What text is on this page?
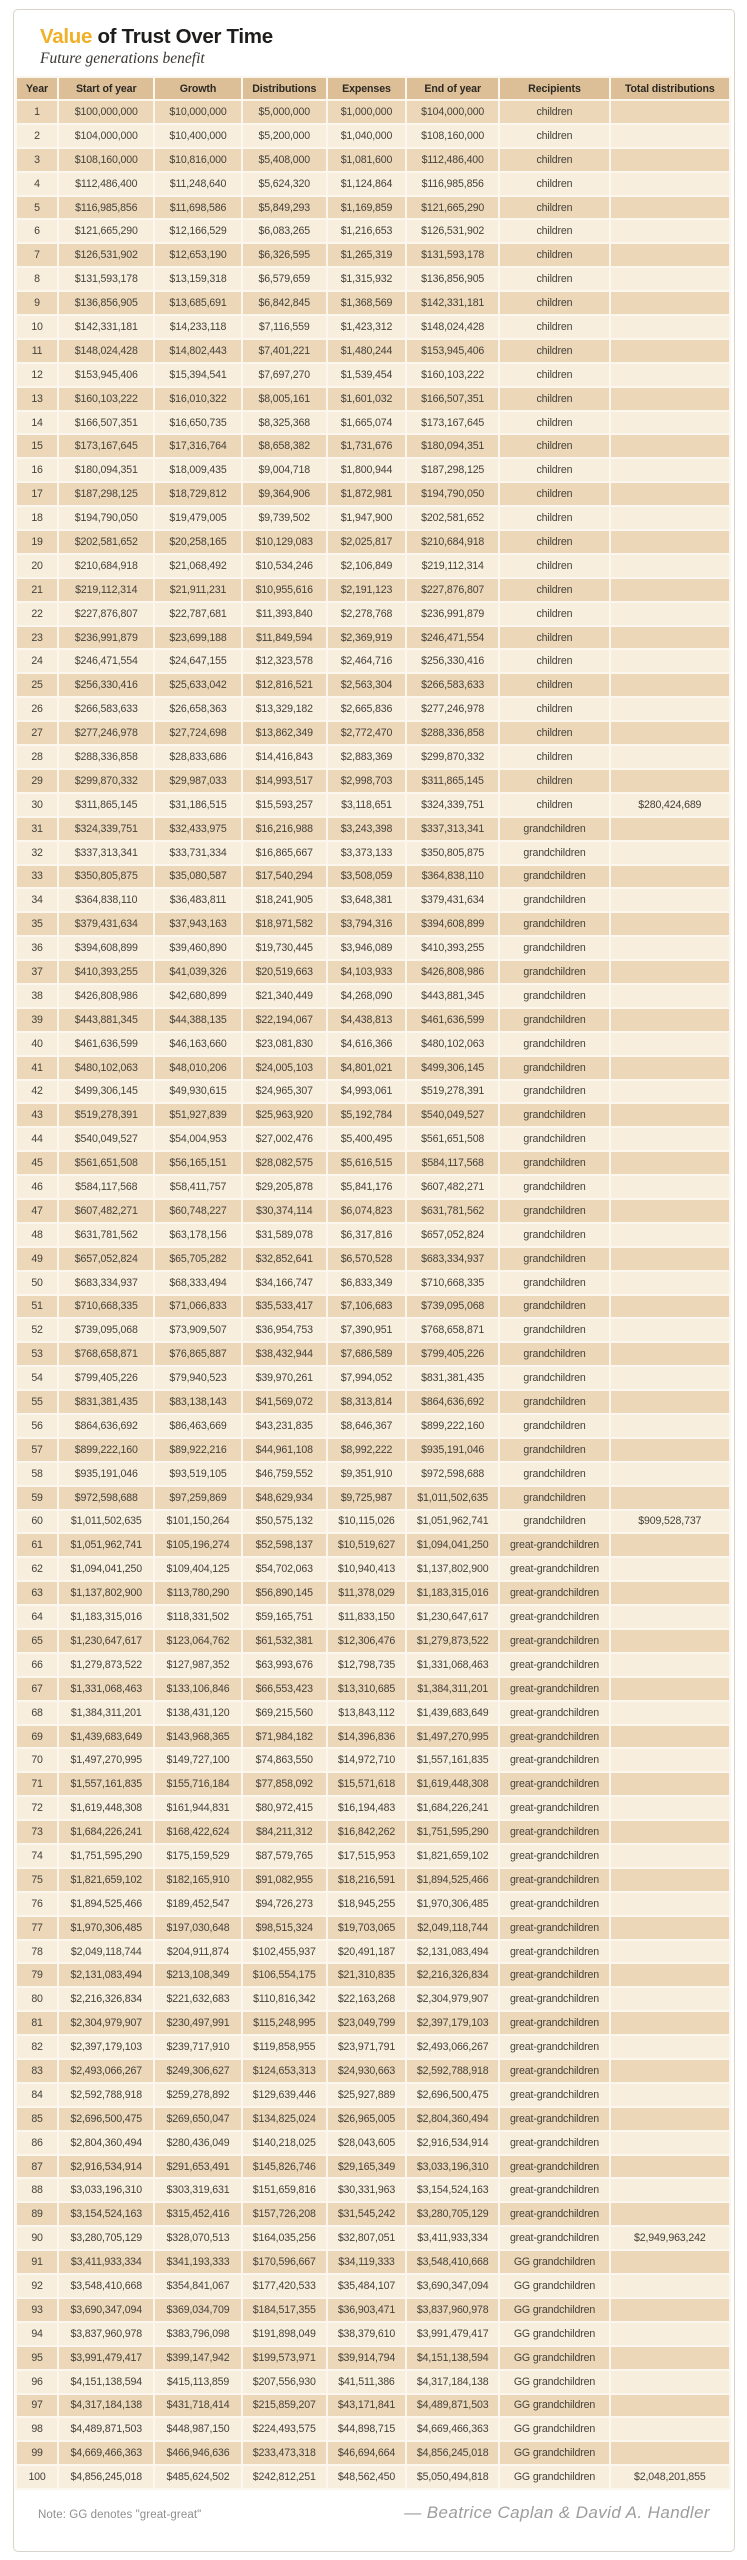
Value of Trust Over Time
Future generations benefit
Year	Start of year	Growth	Distributions	Expenses	End of year	Recipients	Total distributions
1	$100,000,000	$10,000,000	$5,000,000	$1,000,000	$104,000,000	children	
2	$104,000,000	$10,400,000	$5,200,000	$1,040,000	$108,160,000	children	
3	$108,160,000	$10,816,000	$5,408,000	$1,081,600	$112,486,400	children	
4	$112,486,400	$11,248,640	$5,624,320	$1,124,864	$116,985,856	children	
5	$116,985,856	$11,698,586	$5,849,293	$1,169,859	$121,665,290	children	
6	$121,665,290	$12,166,529	$6,083,265	$1,216,653	$126,531,902	children	
7	$126,531,902	$12,653,190	$6,326,595	$1,265,319	$131,593,178	children	
8	$131,593,178	$13,159,318	$6,579,659	$1,315,932	$136,856,905	children	
9	$136,856,905	$13,685,691	$6,842,845	$1,368,569	$142,331,181	children	
10	$142,331,181	$14,233,118	$7,116,559	$1,423,312	$148,024,428	children	
11	$148,024,428	$14,802,443	$7,401,221	$1,480,244	$153,945,406	children	
12	$153,945,406	$15,394,541	$7,697,270	$1,539,454	$160,103,222	children	
13	$160,103,222	$16,010,322	$8,005,161	$1,601,032	$166,507,351	children	
14	$166,507,351	$16,650,735	$8,325,368	$1,665,074	$173,167,645	children	
15	$173,167,645	$17,316,764	$8,658,382	$1,731,676	$180,094,351	children	
16	$180,094,351	$18,009,435	$9,004,718	$1,800,944	$187,298,125	children	
17	$187,298,125	$18,729,812	$9,364,906	$1,872,981	$194,790,050	children	
18	$194,790,050	$19,479,005	$9,739,502	$1,947,900	$202,581,652	children	
19	$202,581,652	$20,258,165	$10,129,083	$2,025,817	$210,684,918	children	
20	$210,684,918	$21,068,492	$10,534,246	$2,106,849	$219,112,314	children	
21	$219,112,314	$21,911,231	$10,955,616	$2,191,123	$227,876,807	children	
22	$227,876,807	$22,787,681	$11,393,840	$2,278,768	$236,991,879	children	
23	$236,991,879	$23,699,188	$11,849,594	$2,369,919	$246,471,554	children	
24	$246,471,554	$24,647,155	$12,323,578	$2,464,716	$256,330,416	children	
25	$256,330,416	$25,633,042	$12,816,521	$2,563,304	$266,583,633	children	
26	$266,583,633	$26,658,363	$13,329,182	$2,665,836	$277,246,978	children	
27	$277,246,978	$27,724,698	$13,862,349	$2,772,470	$288,336,858	children	
28	$288,336,858	$28,833,686	$14,416,843	$2,883,369	$299,870,332	children	
29	$299,870,332	$29,987,033	$14,993,517	$2,998,703	$311,865,145	children	
30	$311,865,145	$31,186,515	$15,593,257	$3,118,651	$324,339,751	children	$280,424,689
31	$324,339,751	$32,433,975	$16,216,988	$3,243,398	$337,313,341	grandchildren	
32	$337,313,341	$33,731,334	$16,865,667	$3,373,133	$350,805,875	grandchildren	
33	$350,805,875	$35,080,587	$17,540,294	$3,508,059	$364,838,110	grandchildren	
34	$364,838,110	$36,483,811	$18,241,905	$3,648,381	$379,431,634	grandchildren	
35	$379,431,634	$37,943,163	$18,971,582	$3,794,316	$394,608,899	grandchildren	
36	$394,608,899	$39,460,890	$19,730,445	$3,946,089	$410,393,255	grandchildren	
37	$410,393,255	$41,039,326	$20,519,663	$4,103,933	$426,808,986	grandchildren	
38	$426,808,986	$42,680,899	$21,340,449	$4,268,090	$443,881,345	grandchildren	
39	$443,881,345	$44,388,135	$22,194,067	$4,438,813	$461,636,599	grandchildren	
40	$461,636,599	$46,163,660	$23,081,830	$4,616,366	$480,102,063	grandchildren	
41	$480,102,063	$48,010,206	$24,005,103	$4,801,021	$499,306,145	grandchildren	
42	$499,306,145	$49,930,615	$24,965,307	$4,993,061	$519,278,391	grandchildren	
43	$519,278,391	$51,927,839	$25,963,920	$5,192,784	$540,049,527	grandchildren	
44	$540,049,527	$54,004,953	$27,002,476	$5,400,495	$561,651,508	grandchildren	
45	$561,651,508	$56,165,151	$28,082,575	$5,616,515	$584,117,568	grandchildren	
46	$584,117,568	$58,411,757	$29,205,878	$5,841,176	$607,482,271	grandchildren	
47	$607,482,271	$60,748,227	$30,374,114	$6,074,823	$631,781,562	grandchildren	
48	$631,781,562	$63,178,156	$31,589,078	$6,317,816	$657,052,824	grandchildren	
49	$657,052,824	$65,705,282	$32,852,641	$6,570,528	$683,334,937	grandchildren	
50	$683,334,937	$68,333,494	$34,166,747	$6,833,349	$710,668,335	grandchildren	
51	$710,668,335	$71,066,833	$35,533,417	$7,106,683	$739,095,068	grandchildren	
52	$739,095,068	$73,909,507	$36,954,753	$7,390,951	$768,658,871	grandchildren	
53	$768,658,871	$76,865,887	$38,432,944	$7,686,589	$799,405,226	grandchildren	
54	$799,405,226	$79,940,523	$39,970,261	$7,994,052	$831,381,435	grandchildren	
55	$831,381,435	$83,138,143	$41,569,072	$8,313,814	$864,636,692	grandchildren	
56	$864,636,692	$86,463,669	$43,231,835	$8,646,367	$899,222,160	grandchildren	
57	$899,222,160	$89,922,216	$44,961,108	$8,992,222	$935,191,046	grandchildren	
58	$935,191,046	$93,519,105	$46,759,552	$9,351,910	$972,598,688	grandchildren	
59	$972,598,688	$97,259,869	$48,629,934	$9,725,987	$1,011,502,635	grandchildren	
60	$1,011,502,635	$101,150,264	$50,575,132	$10,115,026	$1,051,962,741	grandchildren	$909,528,737
61	$1,051,962,741	$105,196,274	$52,598,137	$10,519,627	$1,094,041,250	great-grandchildren	
62	$1,094,041,250	$109,404,125	$54,702,063	$10,940,413	$1,137,802,900	great-grandchildren	
63	$1,137,802,900	$113,780,290	$56,890,145	$11,378,029	$1,183,315,016	great-grandchildren	
64	$1,183,315,016	$118,331,502	$59,165,751	$11,833,150	$1,230,647,617	great-grandchildren	
65	$1,230,647,617	$123,064,762	$61,532,381	$12,306,476	$1,279,873,522	great-grandchildren	
66	$1,279,873,522	$127,987,352	$63,993,676	$12,798,735	$1,331,068,463	great-grandchildren	
67	$1,331,068,463	$133,106,846	$66,553,423	$13,310,685	$1,384,311,201	great-grandchildren	
68	$1,384,311,201	$138,431,120	$69,215,560	$13,843,112	$1,439,683,649	great-grandchildren	
69	$1,439,683,649	$143,968,365	$71,984,182	$14,396,836	$1,497,270,995	great-grandchildren	
70	$1,497,270,995	$149,727,100	$74,863,550	$14,972,710	$1,557,161,835	great-grandchildren	
71	$1,557,161,835	$155,716,184	$77,858,092	$15,571,618	$1,619,448,308	great-grandchildren	
72	$1,619,448,308	$161,944,831	$80,972,415	$16,194,483	$1,684,226,241	great-grandchildren	
73	$1,684,226,241	$168,422,624	$84,211,312	$16,842,262	$1,751,595,290	great-grandchildren	
74	$1,751,595,290	$175,159,529	$87,579,765	$17,515,953	$1,821,659,102	great-grandchildren	
75	$1,821,659,102	$182,165,910	$91,082,955	$18,216,591	$1,894,525,466	great-grandchildren	
76	$1,894,525,466	$189,452,547	$94,726,273	$18,945,255	$1,970,306,485	great-grandchildren	
77	$1,970,306,485	$197,030,648	$98,515,324	$19,703,065	$2,049,118,744	great-grandchildren	
78	$2,049,118,744	$204,911,874	$102,455,937	$20,491,187	$2,131,083,494	great-grandchildren	
79	$2,131,083,494	$213,108,349	$106,554,175	$21,310,835	$2,216,326,834	great-grandchildren	
80	$2,216,326,834	$221,632,683	$110,816,342	$22,163,268	$2,304,979,907	great-grandchildren	
81	$2,304,979,907	$230,497,991	$115,248,995	$23,049,799	$2,397,179,103	great-grandchildren	
82	$2,397,179,103	$239,717,910	$119,858,955	$23,971,791	$2,493,066,267	great-grandchildren	
83	$2,493,066,267	$249,306,627	$124,653,313	$24,930,663	$2,592,788,918	great-grandchildren	
84	$2,592,788,918	$259,278,892	$129,639,446	$25,927,889	$2,696,500,475	great-grandchildren	
85	$2,696,500,475	$269,650,047	$134,825,024	$26,965,005	$2,804,360,494	great-grandchildren	
86	$2,804,360,494	$280,436,049	$140,218,025	$28,043,605	$2,916,534,914	great-grandchildren	
87	$2,916,534,914	$291,653,491	$145,826,746	$29,165,349	$3,033,196,310	great-grandchildren	
88	$3,033,196,310	$303,319,631	$151,659,816	$30,331,963	$3,154,524,163	great-grandchildren	
89	$3,154,524,163	$315,452,416	$157,726,208	$31,545,242	$3,280,705,129	great-grandchildren	
90	$3,280,705,129	$328,070,513	$164,035,256	$32,807,051	$3,411,933,334	great-grandchildren	$2,949,963,242
91	$3,411,933,334	$341,193,333	$170,596,667	$34,119,333	$3,548,410,668	GG grandchildren	
92	$3,548,410,668	$354,841,067	$177,420,533	$35,484,107	$3,690,347,094	GG grandchildren	
93	$3,690,347,094	$369,034,709	$184,517,355	$36,903,471	$3,837,960,978	GG grandchildren	
94	$3,837,960,978	$383,796,098	$191,898,049	$38,379,610	$3,991,479,417	GG grandchildren	
95	$3,991,479,417	$399,147,942	$199,573,971	$39,914,794	$4,151,138,594	GG grandchildren	
96	$4,151,138,594	$415,113,859	$207,556,930	$41,511,386	$4,317,184,138	GG grandchildren	
97	$4,317,184,138	$431,718,414	$215,859,207	$43,171,841	$4,489,871,503	GG grandchildren	
98	$4,489,871,503	$448,987,150	$224,493,575	$44,898,715	$4,669,466,363	GG grandchildren	
99	$4,669,466,363	$466,946,636	$233,473,318	$46,694,664	$4,856,245,018	GG grandchildren	
100	$4,856,245,018	$485,624,502	$242,812,251	$48,562,450	$5,050,494,818	GG grandchildren	$2,048,201,855
Note: GG denotes "great-great"	— Beatrice Caplan & David A. Handler
